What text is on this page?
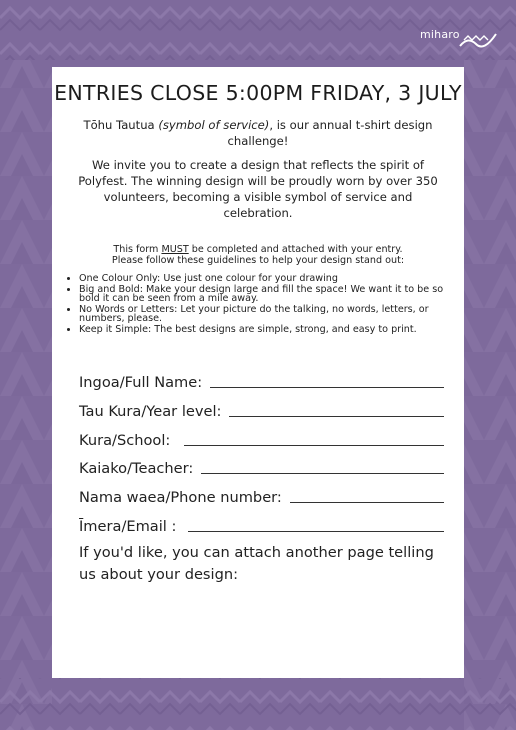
miharo
ENTRIES CLOSE 5:00PM FRIDAY, 3 JULY
Tōhu Tautua (symbol of service), is our annual t-shirt design challenge!
We invite you to create a design that reflects the spirit of Polyfest. The winning design will be proudly worn by over 350 volunteers, becoming a visible symbol of service and celebration.
This form MUST be completed and attached with your entry.
Please follow these guidelines to help your design stand out:
• One Colour Only: Use just one colour for your drawing
• Big and Bold: Make your design large and fill the space! We want it to be so bold it can be seen from a mile away.
• No Words or Letters: Let your picture do the talking, no words, letters, or numbers, please.
• Keep it Simple: The best designs are simple, strong, and easy to print.
Ingoa/Full Name:
Tau Kura/Year level:
Kura/School:
Kaiako/Teacher:
Nama waea/Phone number:
Īmera/Email :
If you'd like, you can attach another page telling us about your design:
